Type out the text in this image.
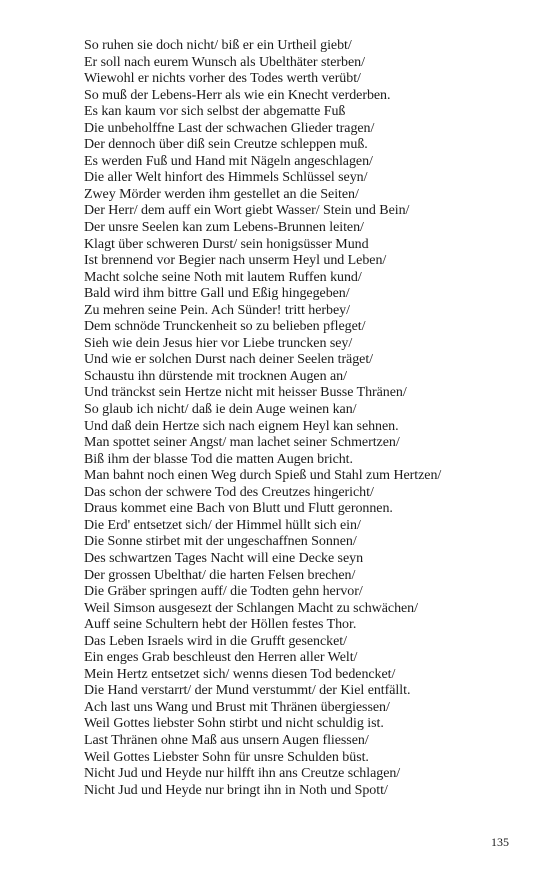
So ruhen sie doch nicht/ biß er ein Urtheil giebt/
Er soll nach eurem Wunsch als Ubelthäter sterben/
Wiewohl er nichts vorher des Todes werth verübt/
So muß der Lebens-Herr als wie ein Knecht verderben.
Es kan kaum vor sich selbst der abgematte Fuß
Die unbeholffne Last der schwachen Glieder tragen/
Der dennoch über diß sein Creutze schleppen muß.
Es werden Fuß und Hand mit Nägeln angeschlagen/
Die aller Welt hinfort des Himmels Schlüssel seyn/
Zwey Mörder werden ihm gestellet an die Seiten/
Der Herr/ dem auff ein Wort giebt Wasser/ Stein und Bein/
Der unsre Seelen kan zum Lebens-Brunnen leiten/
Klagt über schweren Durst/ sein honigsüsser Mund
Ist brennend vor Begier nach unserm Heyl und Leben/
Macht solche seine Noth mit lautem Ruffen kund/
Bald wird ihm bittre Gall und Eßig hingegeben/
Zu mehren seine Pein. Ach Sünder! tritt herbey/
Dem schnöde Trunckenheit so zu belieben pfleget/
Sieh wie dein Jesus hier vor Liebe truncken sey/
Und wie er solchen Durst nach deiner Seelen träget/
Schaustu ihn dürstende mit trocknen Augen an/
Und tränckst sein Hertze nicht mit heisser Busse Thränen/
So glaub ich nicht/ daß ie dein Auge weinen kan/
Und daß dein Hertze sich nach eignem Heyl kan sehnen.
Man spottet seiner Angst/ man lachet seiner Schmertzen/
Biß ihm der blasse Tod die matten Augen bricht.
Man bahnt noch einen Weg durch Spieß und Stahl zum Hertzen/
Das schon der schwere Tod des Creutzes hingericht/
Draus kommet eine Bach von Blutt und Flutt geronnen.
Die Erd' entsetzet sich/ der Himmel hüllt sich ein/
Die Sonne stirbet mit der ungeschaffnen Sonnen/
Des schwartzen Tages Nacht will eine Decke seyn
Der grossen Ubelthat/ die harten Felsen brechen/
Die Gräber springen auff/ die Todten gehn hervor/
Weil Simson ausgesezt der Schlangen Macht zu schwächen/
Auff seine Schultern hebt der Höllen festes Thor.
Das Leben Israels wird in die Grufft gesencket/
Ein enges Grab beschleust den Herren aller Welt/
Mein Hertz entsetzet sich/ wenns diesen Tod bedencket/
Die Hand verstarrt/ der Mund verstummt/ der Kiel entfällt.
Ach last uns Wang und Brust mit Thränen übergiessen/
Weil Gottes liebster Sohn stirbt und nicht schuldig ist.
Last Thränen ohne Maß aus unsern Augen fliessen/
Weil Gottes Liebster Sohn für unsre Schulden büst.
Nicht Jud und Heyde nur hilfft ihn ans Creutze schlagen/
Nicht Jud und Heyde nur bringt ihn in Noth und Spott/
135
